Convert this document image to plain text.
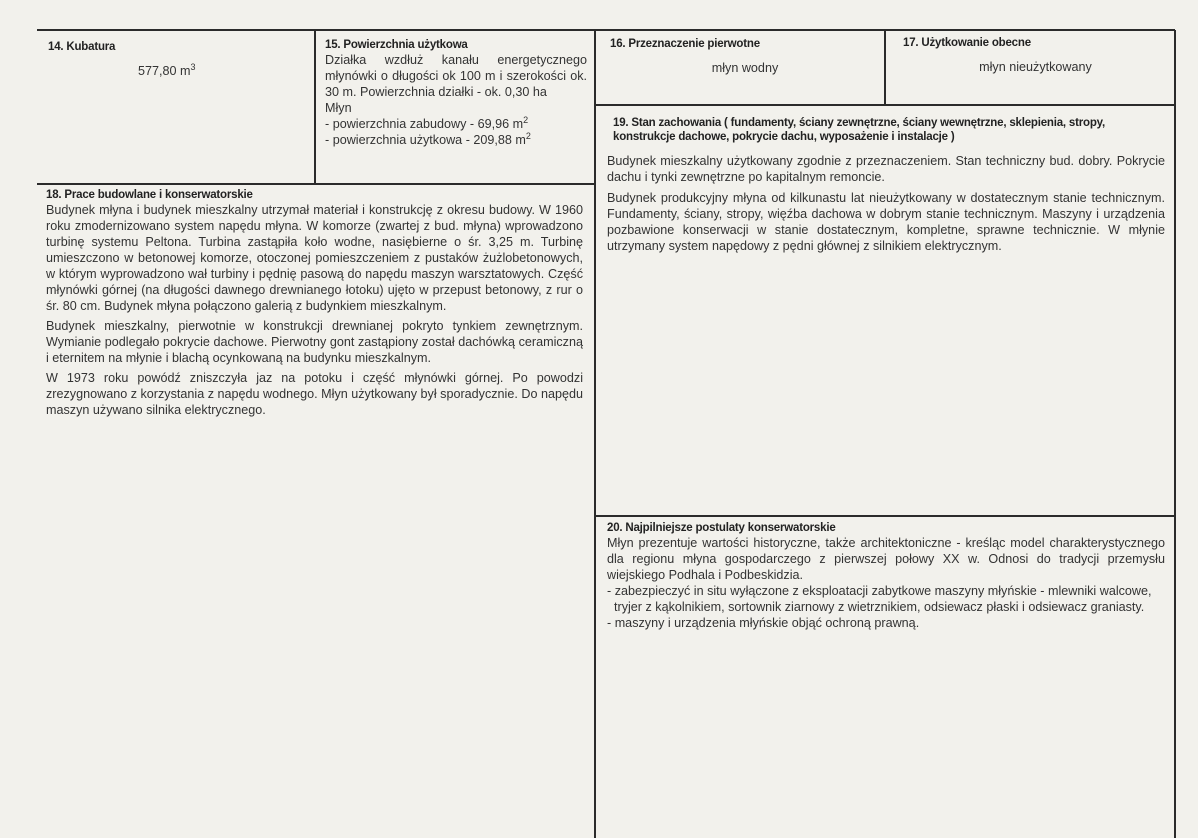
14. Kubatura
577,80 $m^3$
15. Powierzchnia użytkowa

Działka wzdłuż kanału energetycznego młynówki o długości ok 100 m i szerokości ok. 30 m. Powierzchnia działki - ok. 0,30 ha

Młyn

- powierzchnia zabudowy - 69,96 $m^2$

- powierzchnia użytkowa - 209,88 $m^2$

16. Przeznaczenie pierwotne
młyn wodny
17. Użytkowanie obecne
młyn nieużytkowany
18. Prace budowlane i konserwatorskie

Budynek młyna i budynek mieszkalny utrzymał materiał i konstrukcję z okresu budowy. W 1960 roku zmodernizowano system napędu młyna. W komorze (zwartej z bud. młyna) wprowadzono turbinę systemu Peltona. Turbina zastąpiła koło wodne, nasiębierne o śr. 3,25 m. Turbinę umieszczono w betonowej komorze, otoczonej pomieszczeniem z pustaków żużlobetonowych, w którym wyprowadzono wał turbiny i pędnię pasową do napędu maszyn warsztatowych. Część młynówki górnej (na długości dawnego drewnianego łotoku) ujęto w przepust betonowy, z rur o śr. 80 cm. Budynek młyna połączono galerią z budynkiem mieszkalnym.

Budynek mieszkalny, pierwotnie w konstrukcji drewnianej pokryto tynkiem zewnętrznym. Wymianie podlegało pokrycie dachowe. Pierwotny gont zastąpiony został dachówką ceramiczną i eternitem na młynie i blachą ocynkowaną na budynku mieszkalnym.

W 1973 roku powódź zniszczyła jaz na potoku i część młynówki górnej. Po powodzi zrezygnowano z korzystania z napędu wodnego. Młyn użytkowany był sporadycznie. Do napędu maszyn używano silnika elektrycznego.

19. Stan zachowania ( fundamenty, ściany zewnętrzne, ściany wewnętrzne, sklepienia, stropy, konstrukcje dachowe, pokrycie dachu, wyposażenie i instalacje )

Budynek mieszkalny użytkowany zgodnie z przeznaczeniem. Stan techniczny bud. dobry. Pokrycie dachu i tynki zewnętrzne po kapitalnym remoncie.

Budynek produkcyjny młyna od kilkunastu lat nieużytkowany w dostatecznym stanie technicznym. Fundamenty, ściany, stropy, więźba dachowa w dobrym stanie technicznym. Maszyny i urządzenia pozbawione konserwacji w stanie dostatecznym, kompletne, sprawne technicznie. W młynie utrzymany system napędowy z pędni głównej z silnikiem elektrycznym.

20. Najpilniejsze postulaty konserwatorskie

Młyn prezentuje wartości historyczne, także architektoniczne - kreśląc model charakterystycznego dla regionu młyna gospodarczego z pierwszej połowy XX w. Odnosi do tradycji przemysłu wiejskiego Podhala i Podbeskidzia.

- zabezpieczyć in situ wyłączone z eksploatacji zabytkowe maszyny młyńskie - mlewniki walcowe, tryjer z kąkolnikiem, sortownik ziarnowy z wietrznikiem, odsiewacz płaski i odsiewacz graniasty.

- maszyny i urządzenia młyńskie objąć ochroną prawną.
